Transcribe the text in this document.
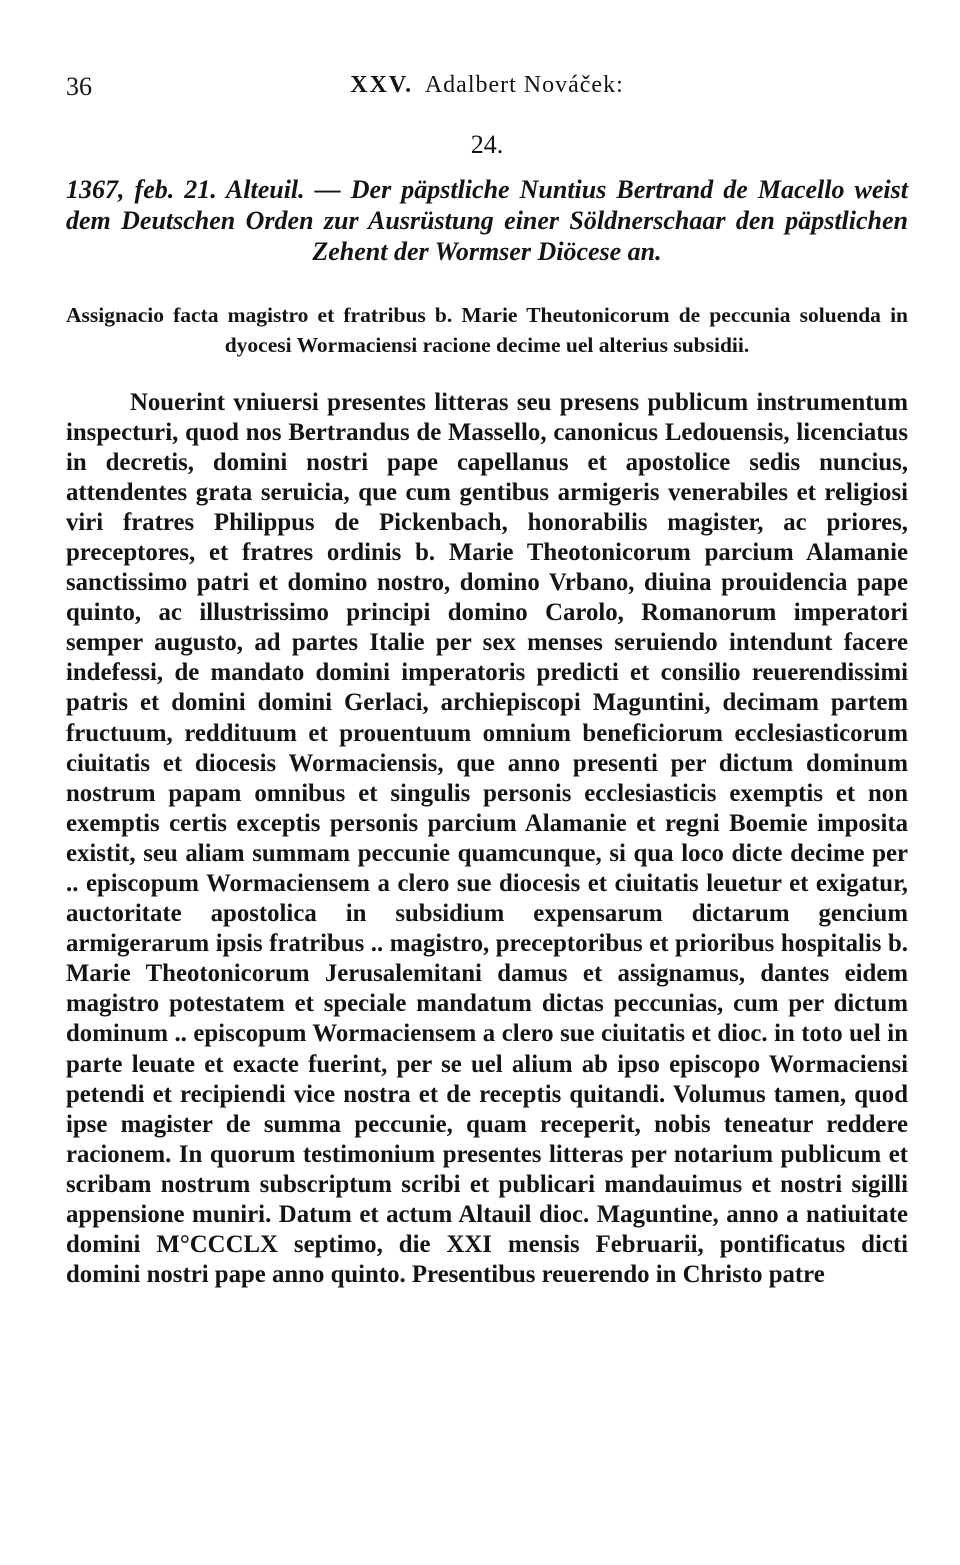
36	XXV. Adalbert Nováček:
24.

1367, feb. 21. Alteuil. — Der päpstliche Nuntius Bertrand de Macello weist dem Deutschen Orden zur Ausrüstung einer Söldnerschaar den päpstlichen Zehent der Wormser Diöcese an.

Assignacio facta magistro et fratribus b. Marie Theutonicorum de peccunia soluenda in dyocesi Wormaciensi racione decime uel alterius subsidii.

Nouerint vniuersi presentes litteras seu presens publicum instrumentum inspecturi, quod nos Bertrandus de Massello, canonicus Ledouensis, licenciatus in decretis, domini nostri pape capellanus et apostolice sedis nuncius, attendentes grata seruicia, que cum gentibus armigeris venerabiles et religiosi viri fratres Philippus de Pickenbach, honorabilis magister, ac priores, preceptores, et fratres ordinis b. Marie Theotonicorum parcium Alamanie sanctissimo patri et domino nostro, domino Vrbano, diuina prouidencia pape quinto, ac illustrissimo principi domino Carolo, Romanorum imperatori semper augusto, ad partes Italie per sex menses seruiendo intendunt facere indefessi, de mandato domini imperatoris predicti et consilio reuerendissimi patris et domini domini Gerlaci, archiepiscopi Maguntini, decimam partem fructuum, reddituum et prouentuum omnium beneficiorum ecclesiasticorum ciuitatis et diocesis Wormaciensis, que anno presenti per dictum dominum nostrum papam omnibus et singulis personis ecclesiasticis exemptis et non exemptis certis exceptis personis parcium Alamanie et regni Boemie imposita existit, seu aliam summam peccunie quamcunque, si qua loco dicte decime per .. episcopum Wormaciensem a clero sue diocesis et ciuitatis leuetur et exigatur, auctoritate apostolica in subsidium expensarum dictarum gencium armigerarum ipsis fratribus .. magistro, preceptoribus et prioribus hospitalis b. Marie Theotonicorum Jerusalemitani damus et assignamus, dantes eidem magistro potestatem et speciale mandatum dictas peccunias, cum per dictum dominum .. episcopum Wormaciensem a clero sue ciuitatis et dioc. in toto uel in parte leuate et exacte fuerint, per se uel alium ab ipso episcopo Wormaciensi petendi et recipiendi vice nostra et de receptis quitandi. Volumus tamen, quod ipse magister de summa peccunie, quam receperit, nobis teneatur reddere racionem. In quorum testimonium presentes litteras per notarium publicum et scribam nostrum subscriptum scribi et publicari mandauimus et nostri sigilli appensione muniri. Datum et actum Altauil dioc. Maguntine, anno a natiuitate domini M°CCCLX septimo, die XXI mensis Februarii, pontificatus dicti domini nostri pape anno quinto. Presentibus reuerendo in Christo patre
